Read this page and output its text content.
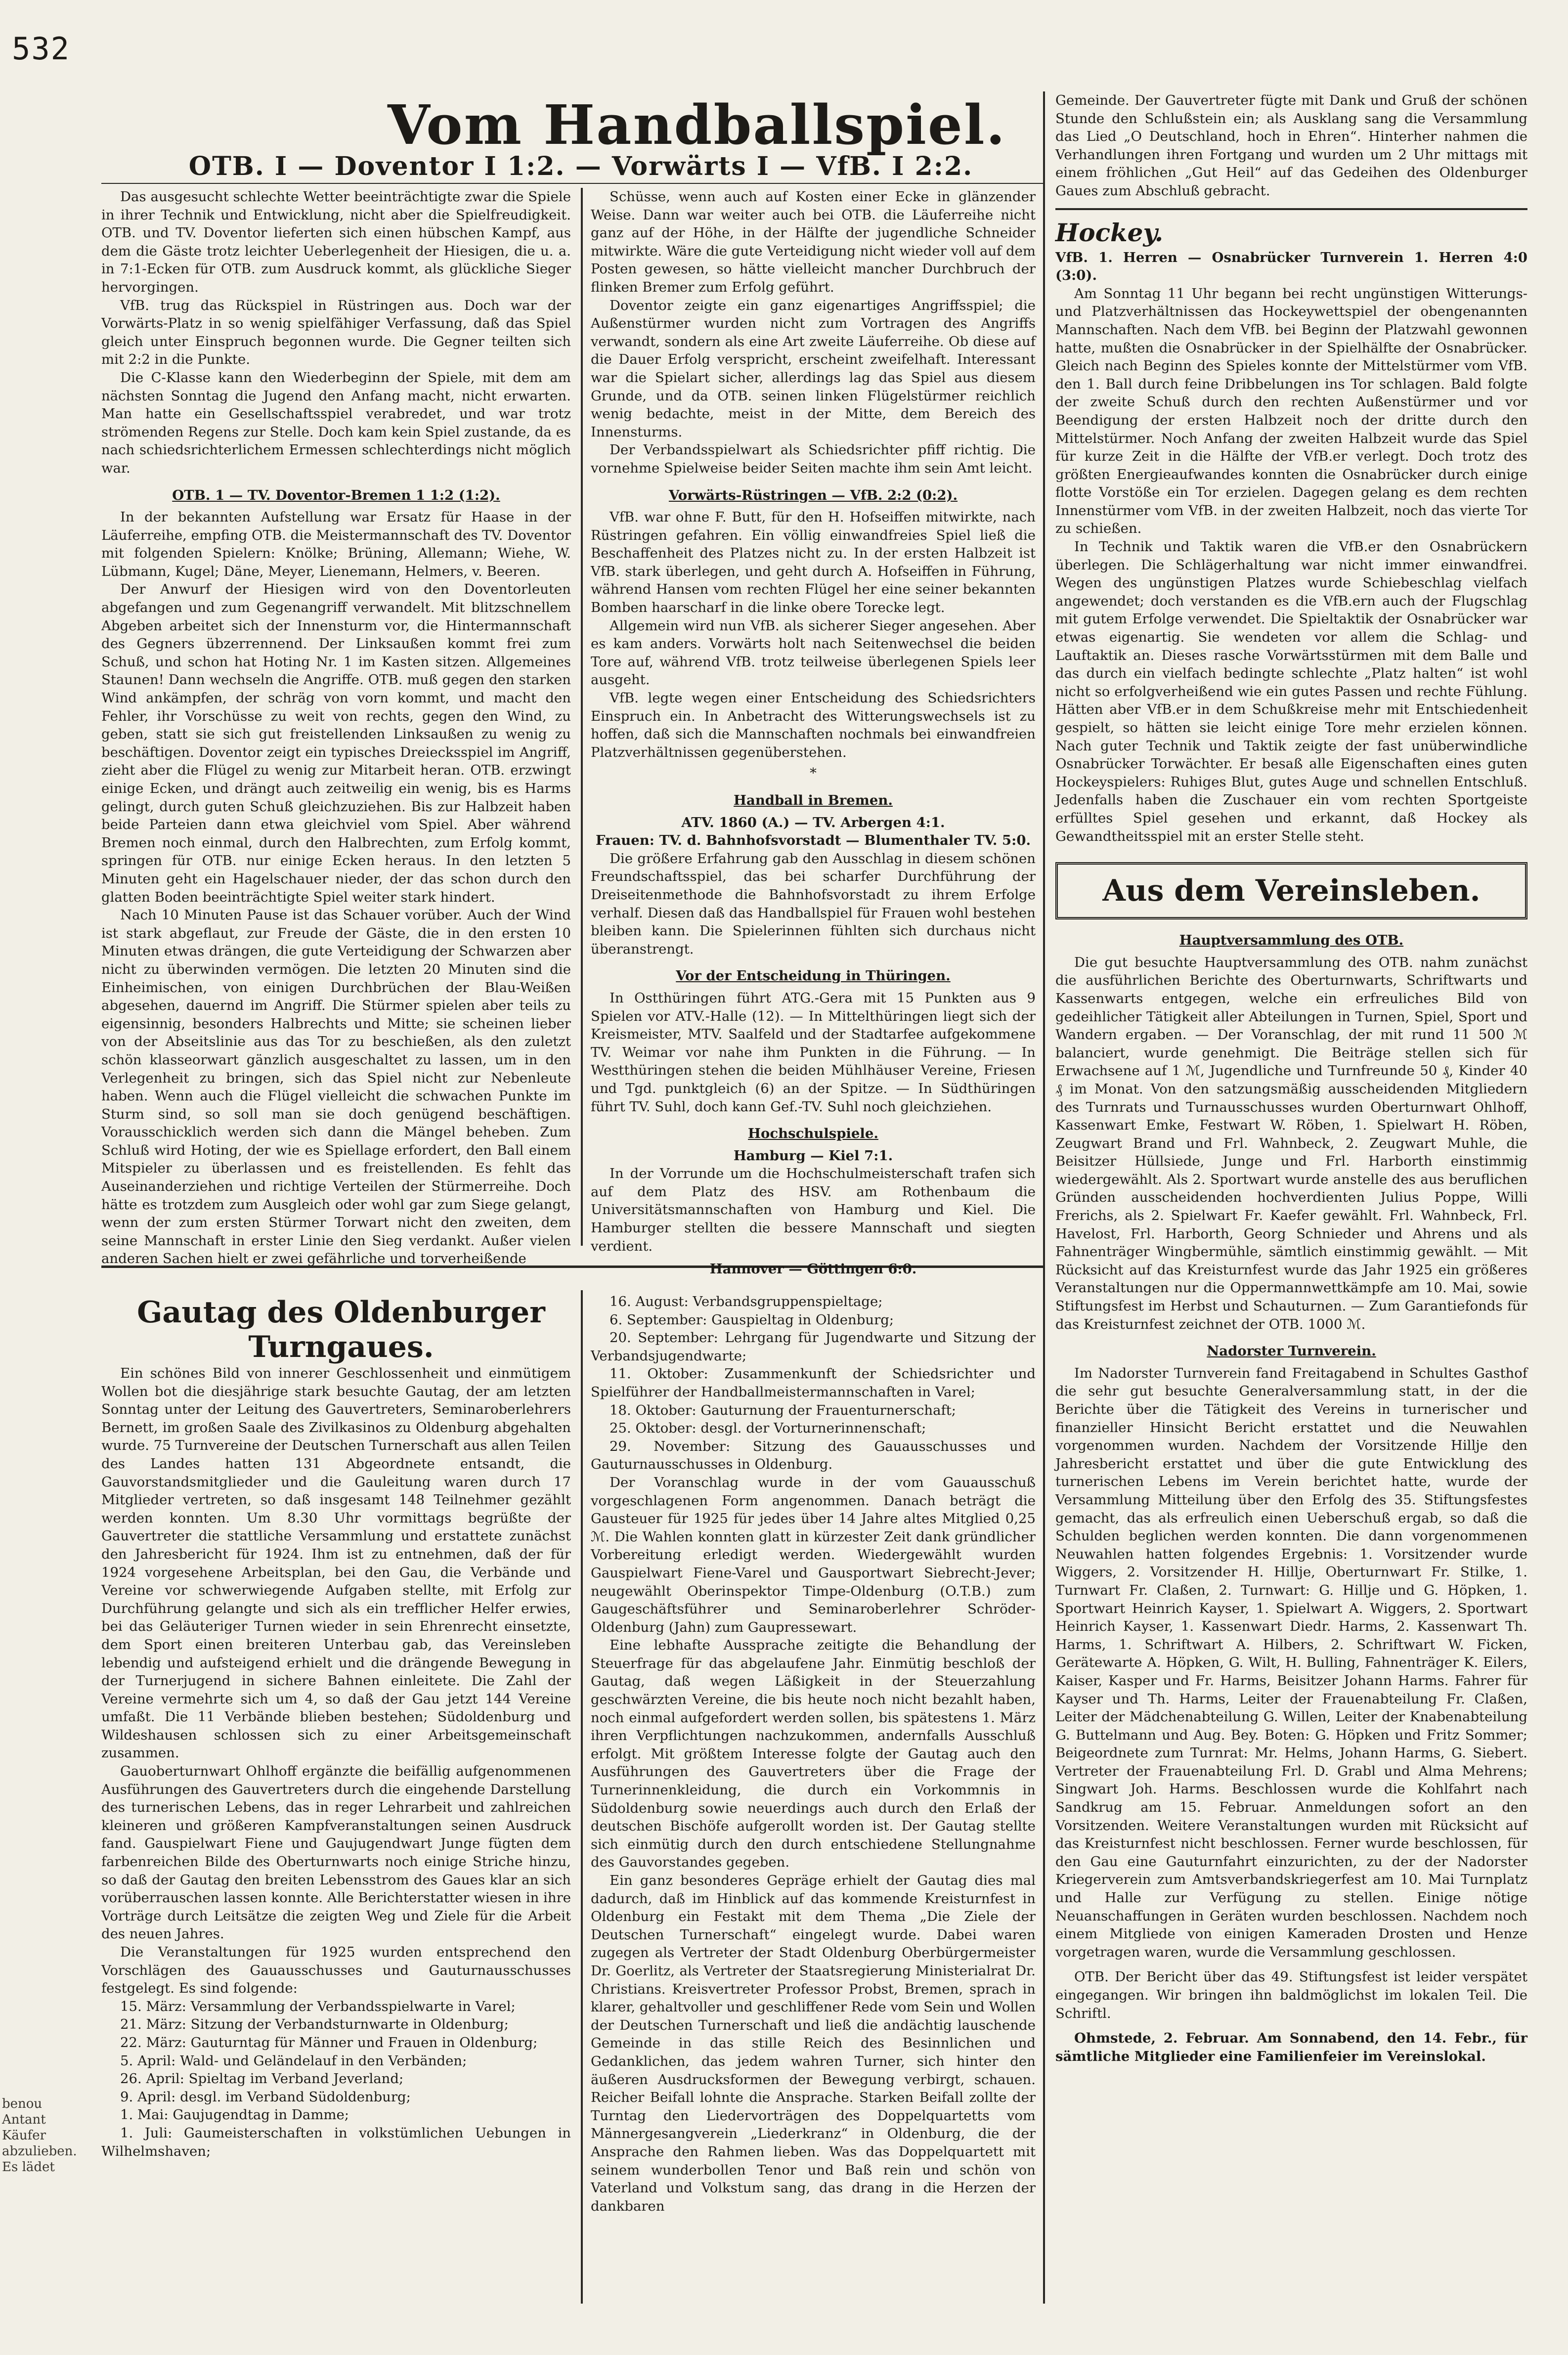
532
Vom Handballspiel.
OTB. I — Doventor I 1:2. — Vorwärts I — VfB. I 2:2.

Das ausgesucht schlechte Wetter beeinträchtigte zwar die Spiele in ihrer Technik und Entwicklung, nicht aber die Spielfreudigkeit. OTB. und TV. Doventor lieferten sich einen hübschen Kampf, aus dem die Gäste trotz leichter Ueberlegenheit der Hiesigen, die u. a. in 7:1-Ecken für OTB. zum Ausdruck kommt, als glückliche Sieger hervorgingen.

VfB. trug das Rückspiel in Rüstringen aus. Doch war der Vorwärts-Platz in so wenig spielfähiger Verfassung, daß das Spiel gleich unter Einspruch begonnen wurde. Die Gegner teilten sich mit 2:2 in die Punkte.

Die C-Klasse kann den Wiederbeginn der Spiele, mit dem am nächsten Sonntag die Jugend den Anfang macht, nicht erwarten. Man hatte ein Gesellschaftsspiel verabredet, und war trotz strömenden Regens zur Stelle. Doch kam kein Spiel zustande, da es nach schiedsrichterlichem Ermessen schlechterdings nicht möglich war.

OTB. 1 — TV. Doventor-Bremen 1 1:2 (1:2).

In der bekannten Aufstellung war Ersatz für Haase in der Läuferreihe, empfing OTB. die Meistermannschaft des TV. Doventor mit folgenden Spielern: Knölke; Brüning, Allemann; Wiehe, W. Lübmann, Kugel; Däne, Meyer, Lienemann, Helmers, v. Beeren.

Der Anwurf der Hiesigen wird von den Doventorleuten abgefangen und zum Gegenangriff verwandelt. Mit blitzschnellem Abgeben arbeitet sich der Innensturm vor, die Hintermannschaft des Gegners übzerrennend. Der Linksaußen kommt frei zum Schuß, und schon hat Hoting Nr. 1 im Kasten sitzen. Allgemeines Staunen! Dann wechseln die Angriffe. OTB. muß gegen den starken Wind ankämpfen, der schräg von vorn kommt, und macht den Fehler, ihr Vorschüsse zu weit von rechts, gegen den Wind, zu geben, statt sie sich gut freistellenden Linksaußen zu wenig zu beschäftigen. Doventor zeigt ein typisches Dreiecksspiel im Angriff, zieht aber die Flügel zu wenig zur Mitarbeit heran. OTB. erzwingt einige Ecken, und drängt auch zeitweilig ein wenig, bis es Harms gelingt, durch guten Schuß gleichzuziehen. Bis zur Halbzeit haben beide Parteien dann etwa gleichviel vom Spiel. Aber während Bremen noch einmal, durch den Halbrechten, zum Erfolg kommt, springen für OTB. nur einige Ecken heraus. In den letzten 5 Minuten geht ein Hagelschauer nieder, der das schon durch den glatten Boden beeinträchtigte Spiel weiter stark hindert.

Nach 10 Minuten Pause ist das Schauer vorüber. Auch der Wind ist stark abgeflaut, zur Freude der Gäste, die in den ersten 10 Minuten etwas drängen, die gute Verteidigung der Schwarzen aber nicht zu überwinden vermögen. Die letzten 20 Minuten sind die Einheimischen, von einigen Durchbrüchen der Blau-Weißen abgesehen, dauernd im Angriff. Die Stürmer spielen aber teils zu eigensinnig, besonders Halbrechts und Mitte; sie scheinen lieber von der Abseitslinie aus das Tor zu beschießen, als den zuletzt schön klasseorwart gänzlich ausgeschaltet zu lassen, um in den Verlegenheit zu bringen, sich das Spiel nicht zur Nebenleute haben. Wenn auch die Flügel vielleicht die schwachen Punkte im Sturm sind, so soll man sie doch genügend beschäftigen. Vorausschicklich werden sich dann die Mängel beheben. Zum Schluß wird Hoting, der wie es Spiellage erfordert, den Ball einem Mitspieler zu überlassen und es freistellenden. Es fehlt das Auseinanderziehen und richtige Verteilen der Stürmerreihe. Doch hätte es trotzdem zum Ausgleich oder wohl gar zum Siege gelangt, wenn der zum ersten Stürmer Torwart nicht den zweiten, dem seine Mannschaft in erster Linie den Sieg verdankt. Außer vielen anderen Sachen hielt er zwei gefährliche und torverheißende

Schüsse, wenn auch auf Kosten einer Ecke in glänzender Weise. Dann war weiter auch bei OTB. die Läuferreihe nicht ganz auf der Höhe, in der Hälfte der jugendliche Schneider mitwirkte. Wäre die gute Verteidigung nicht wieder voll auf dem Posten gewesen, so hätte vielleicht mancher Durchbruch der flinken Bremer zum Erfolg geführt.

Doventor zeigte ein ganz eigenartiges Angriffsspiel; die Außenstürmer wurden nicht zum Vortragen des Angriffs verwandt, sondern als eine Art zweite Läuferreihe. Ob diese auf die Dauer Erfolg verspricht, erscheint zweifelhaft. Interessant war die Spielart sicher, allerdings lag das Spiel aus diesem Grunde, und da OTB. seinen linken Flügelstürmer reichlich wenig bedachte, meist in der Mitte, dem Bereich des Innensturms.

Der Verbandsspielwart als Schiedsrichter pfiff richtig. Die vornehme Spielweise beider Seiten machte ihm sein Amt leicht.

Vorwärts-Rüstringen — VfB. 2:2 (0:2).

VfB. war ohne F. Butt, für den H. Hofseiffen mitwirkte, nach Rüstringen gefahren. Ein völlig einwandfreies Spiel ließ die Beschaffenheit des Platzes nicht zu. In der ersten Halbzeit ist VfB. stark überlegen, und geht durch A. Hofseiffen in Führung, während Hansen vom rechten Flügel her eine seiner bekannten Bomben haarscharf in die linke obere Torecke legt.

Allgemein wird nun VfB. als sicherer Sieger angesehen. Aber es kam anders. Vorwärts holt nach Seitenwechsel die beiden Tore auf, während VfB. trotz teilweise überlegenen Spiels leer ausgeht.

VfB. legte wegen einer Entscheidung des Schiedsrichters Einspruch ein. In Anbetracht des Witterungswechsels ist zu hoffen, daß sich die Mannschaften nochmals bei einwandfreien Platzverhältnissen gegenüberstehen.

*

Handball in Bremen.

ATV. 1860 (A.) — TV. Arbergen 4:1.

Frauen: TV. d. Bahnhofsvorstadt — Blumenthaler TV. 5:0.

Die größere Erfahrung gab den Ausschlag in diesem schönen Freundschaftsspiel, das bei scharfer Durchführung der Dreiseitenmethode die Bahnhofsvorstadt zu ihrem Erfolge verhalf. Diesen daß das Handballspiel für Frauen wohl bestehen bleiben kann. Die Spielerinnen fühlten sich durchaus nicht überanstrengt.

Vor der Entscheidung in Thüringen.

In Ostthüringen führt ATG.-Gera mit 15 Punkten aus 9 Spielen vor ATV.-Halle (12). — In Mittelthüringen liegt sich der Kreismeister, MTV. Saalfeld und der Stadtarfee aufgekommene TV. Weimar vor nahe ihm Punkten in die Führung. — In Westthüringen stehen die beiden Mühlhäuser Vereine, Friesen und Tgd. punktgleich (6) an der Spitze. — In Südthüringen führt TV. Suhl, doch kann Gef.-TV. Suhl noch gleichziehen.

Hochschulspiele.

Hamburg — Kiel 7:1.

In der Vorrunde um die Hochschulmeisterschaft trafen sich auf dem Platz des HSV. am Rothenbaum die Universitätsmannschaften von Hamburg und Kiel. Die Hamburger stellten die bessere Mannschaft und siegten verdient.

Hannover — Göttingen 6:0.

Gemeinde. Der Gauvertreter fügte mit Dank und Gruß der schönen Stunde den Schlußstein ein; als Ausklang sang die Versammlung das Lied „O Deutschland, hoch in Ehren“. Hinterher nahmen die Verhandlungen ihren Fortgang und wurden um 2 Uhr mittags mit einem fröhlichen „Gut Heil“ auf das Gedeihen des Oldenburger Gaues zum Abschluß gebracht.

Hockey.

VfB. 1. Herren — Osnabrücker Turnverein 1. Herren 4:0 (3:0).

Am Sonntag 11 Uhr begann bei recht ungünstigen Witterungs- und Platzverhältnissen das Hockeywettspiel der obengenannten Mannschaften. Nach dem VfB. bei Beginn der Platzwahl gewonnen hatte, mußten die Osnabrücker in der Spielhälfte der Osnabrücker. Gleich nach Beginn des Spieles konnte der Mittelstürmer vom VfB. den 1. Ball durch feine Dribbelungen ins Tor schlagen. Bald folgte der zweite Schuß durch den rechten Außenstürmer und vor Beendigung der ersten Halbzeit noch der dritte durch den Mittelstürmer. Noch Anfang der zweiten Halbzeit wurde das Spiel für kurze Zeit in die Hälfte der VfB.er verlegt. Doch trotz des größten Energieaufwandes konnten die Osnabrücker durch einige flotte Vorstöße ein Tor erzielen. Dagegen gelang es dem rechten Innenstürmer vom VfB. in der zweiten Halbzeit, noch das vierte Tor zu schießen.

In Technik und Taktik waren die VfB.er den Osnabrückern überlegen. Die Schlägerhaltung war nicht immer einwandfrei. Wegen des ungünstigen Platzes wurde Schiebeschlag vielfach angewendet; doch verstanden es die VfB.ern auch der Flugschlag mit gutem Erfolge verwendet. Die Spieltaktik der Osnabrücker war etwas eigenartig. Sie wendeten vor allem die Schlag- und Lauftaktik an. Dieses rasche Vorwärtsstürmen mit dem Balle und das durch ein vielfach bedingte schlechte „Platz halten“ ist wohl nicht so erfolgverheißend wie ein gutes Passen und rechte Fühlung. Hätten aber VfB.er in dem Schußkreise mehr mit Entschiedenheit gespielt, so hätten sie leicht einige Tore mehr erzielen können. Nach guter Technik und Taktik zeigte der fast unüberwindliche Osnabrücker Torwächter. Er besaß alle Eigenschaften eines guten Hockeyspielers: Ruhiges Blut, gutes Auge und schnellen Entschluß. Jedenfalls haben die Zuschauer ein vom rechten Sportgeiste erfülltes Spiel gesehen und erkannt, daß Hockey als Gewandtheitsspiel mit an erster Stelle steht.

Aus dem Vereinsleben.

Hauptversammlung des OTB.

Die gut besuchte Hauptversammlung des OTB. nahm zunächst die ausführlichen Berichte des Oberturnwarts, Schriftwarts und Kassenwarts entgegen, welche ein erfreuliches Bild von gedeihlicher Tätigkeit aller Abteilungen in Turnen, Spiel, Sport und Wandern ergaben. — Der Voranschlag, der mit rund 11 500 ℳ balanciert, wurde genehmigt. Die Beiträge stellen sich für Erwachsene auf 1 ℳ, Jugendliche und Turnfreunde 50 ₰, Kinder 40 ₰ im Monat. Von den satzungsmäßig ausscheidenden Mitgliedern des Turnrats und Turnausschusses wurden Oberturnwart Ohlhoff, Kassenwart Emke, Festwart W. Röben, 1. Spielwart H. Röben, Zeugwart Brand und Frl. Wahnbeck, 2. Zeugwart Muhle, die Beisitzer Hüllsiede, Junge und Frl. Harborth einstimmig wiedergewählt. Als 2. Sportwart wurde anstelle des aus beruflichen Gründen ausscheidenden hochverdienten Julius Poppe, Willi Frerichs, als 2. Spielwart Fr. Kaefer gewählt. Frl. Wahnbeck, Frl. Havelost, Frl. Harborth, Georg Schnieder und Ahrens und als Fahnenträger Wingbermühle, sämtlich einstimmig gewählt. — Mit Rücksicht auf das Kreisturnfest wurde das Jahr 1925 ein größeres Veranstaltungen nur die Oppermannwettkämpfe am 10. Mai, sowie Stiftungsfest im Herbst und Schauturnen. — Zum Garantiefonds für das Kreisturnfest zeichnet der OTB. 1000 ℳ.

Nadorster Turnverein.

Im Nadorster Turnverein fand Freitagabend in Schultes Gasthof die sehr gut besuchte Generalversammlung statt, in der die Berichte über die Tätigkeit des Vereins in turnerischer und finanzieller Hinsicht Bericht erstattet und die Neuwahlen vorgenommen wurden. Nachdem der Vorsitzende Hillje den Jahresbericht erstattet und über die gute Entwicklung des turnerischen Lebens im Verein berichtet hatte, wurde der Versammlung Mitteilung über den Erfolg des 35. Stiftungsfestes gemacht, das als erfreulich einen Ueberschuß ergab, so daß die Schulden beglichen werden konnten. Die dann vorgenommenen Neuwahlen hatten folgendes Ergebnis: 1. Vorsitzender wurde Wiggers, 2. Vorsitzender H. Hillje, Oberturnwart Fr. Stilke, 1. Turnwart Fr. Claßen, 2. Turnwart: G. Hillje und G. Höpken, 1. Sportwart Heinrich Kayser, 1. Spielwart A. Wiggers, 2. Sportwart Heinrich Kayser, 1. Kassenwart Diedr. Harms, 2. Kassenwart Th. Harms, 1. Schriftwart A. Hilbers, 2. Schriftwart W. Ficken, Gerätewarte A. Höpken, G. Wilt, H. Bulling, Fahnenträger K. Eilers, Kaiser, Kasper und Fr. Harms, Beisitzer Johann Harms. Fahrer für Kayser und Th. Harms, Leiter der Frauenabteilung Fr. Claßen, Leiter der Mädchenabteilung G. Willen, Leiter der Knabenabteilung G. Buttelmann und Aug. Bey. Boten: G. Höpken und Fritz Sommer; Beigeordnete zum Turnrat: Mr. Helms, Johann Harms, G. Siebert. Vertreter der Frauenabteilung Frl. D. Grabl und Alma Mehrens; Singwart Joh. Harms. Beschlossen wurde die Kohlfahrt nach Sandkrug am 15. Februar. Anmeldungen sofort an den Vorsitzenden. Weitere Veranstaltungen wurden mit Rücksicht auf das Kreisturnfest nicht beschlossen. Ferner wurde beschlossen, für den Gau eine Gauturnfahrt einzurichten, zu der der Nadorster Kriegerverein zum Amtsverbandskriegerfest am 10. Mai Turnplatz und Halle zur Verfügung zu stellen. Einige nötige Neuanschaffungen in Geräten wurden beschlossen. Nachdem noch einem Mitgliede von einigen Kameraden Drosten und Henze vorgetragen waren, wurde die Versammlung geschlossen.

OTB. Der Bericht über das 49. Stiftungsfest ist leider verspätet eingegangen. Wir bringen ihn baldmöglichst im lokalen Teil. Die Schriftl.

Ohmstede, 2. Februar. Am Sonnabend, den 14. Febr., für sämtliche Mitglieder eine Familienfeier im Vereinslokal.

Gautag des Oldenburger Turngaues.

Ein schönes Bild von innerer Geschlossenheit und einmütigem Wollen bot die diesjährige stark besuchte Gautag, der am letzten Sonntag unter der Leitung des Gauvertreters, Seminaroberlehrers Bernett, im großen Saale des Zivilkasinos zu Oldenburg abgehalten wurde. 75 Turnvereine der Deutschen Turnerschaft aus allen Teilen des Landes hatten 131 Abgeordnete entsandt, die Gauvorstandsmitglieder und die Gauleitung waren durch 17 Mitglieder vertreten, so daß insgesamt 148 Teilnehmer gezählt werden konnten. Um 8.30 Uhr vormittags begrüßte der Gauvertreter die stattliche Versammlung und erstattete zunächst den Jahresbericht für 1924. Ihm ist zu entnehmen, daß der für 1924 vorgesehene Arbeitsplan, bei den Gau, die Verbände und Vereine vor schwerwiegende Aufgaben stellte, mit Erfolg zur Durchführung gelangte und sich als ein trefflicher Helfer erwies, bei das Geläuteriger Turnen wieder in sein Ehrenrecht einsetzte, dem Sport einen breiteren Unterbau gab, das Vereinsleben lebendig und aufsteigend erhielt und die drängende Bewegung in der Turnerjugend in sichere Bahnen einleitete. Die Zahl der Vereine vermehrte sich um 4, so daß der Gau jetzt 144 Vereine umfaßt. Die 11 Verbände blieben bestehen; Südoldenburg und Wildeshausen schlossen sich zu einer Arbeitsgemeinschaft zusammen.

Gauoberturnwart Ohlhoff ergänzte die beifällig aufgenommenen Ausführungen des Gauvertreters durch die eingehende Darstellung des turnerischen Lebens, das in reger Lehrarbeit und zahlreichen kleineren und größeren Kampfveranstaltungen seinen Ausdruck fand. Gauspielwart Fiene und Gaujugendwart Junge fügten dem farbenreichen Bilde des Oberturnwarts noch einige Striche hinzu, so daß der Gautag den breiten Lebensstrom des Gaues klar an sich vorüberrauschen lassen konnte. Alle Berichterstatter wiesen in ihre Vorträge durch Leitsätze die zeigten Weg und Ziele für die Arbeit des neuen Jahres.

Die Veranstaltungen für 1925 wurden entsprechend den Vorschlägen des Gauausschusses und Gauturnausschusses festgelegt. Es sind folgende:

15. März: Versammlung der Verbandsspielwarte in Varel;

21. März: Sitzung der Verbandsturnwarte in Oldenburg;

22. März: Gauturntag für Männer und Frauen in Oldenburg;

5. April: Wald- und Geländelauf in den Verbänden;

26. April: Spieltag im Verband Jeverland;

9. April: desgl. im Verband Südoldenburg;

1. Mai: Gaujugendtag in Damme;

1. Juli: Gaumeisterschaften in volkstümlichen Uebungen in Wilhelmshaven;

16. August: Verbandsgruppenspieltage;

6. September: Gauspieltag in Oldenburg;

20. September: Lehrgang für Jugendwarte und Sitzung der Verbandsjugendwarte;

11. Oktober: Zusammenkunft der Schiedsrichter und Spielführer der Handballmeistermannschaften in Varel;

18. Oktober: Gauturnung der Frauenturnerschaft;

25. Oktober: desgl. der Vorturnerinnenschaft;

29. November: Sitzung des Gauausschusses und Gauturnausschusses in Oldenburg.

Der Voranschlag wurde in der vom Gauausschuß vorgeschlagenen Form angenommen. Danach beträgt die Gausteuer für 1925 für jedes über 14 Jahre altes Mitglied 0,25 ℳ. Die Wahlen konnten glatt in kürzester Zeit dank gründlicher Vorbereitung erledigt werden. Wiedergewählt wurden Gauspielwart Fiene-Varel und Gausportwart Siebrecht-Jever; neugewählt Oberinspektor Timpe-Oldenburg (O.T.B.) zum Gaugeschäftsführer und Seminaroberlehrer Schröder-Oldenburg (Jahn) zum Gaupressewart.

Eine lebhafte Aussprache zeitigte die Behandlung der Steuerfrage für das abgelaufene Jahr. Einmütig beschloß der Gautag, daß wegen Läßigkeit in der Steuerzahlung geschwärzten Vereine, die bis heute noch nicht bezahlt haben, noch einmal aufgefordert werden sollen, bis spätestens 1. März ihren Verpflichtungen nachzukommen, andernfalls Ausschluß erfolgt. Mit größtem Interesse folgte der Gautag auch den Ausführungen des Gauvertreters über die Frage der Turnerinnenkleidung, die durch ein Vorkommnis in Südoldenburg sowie neuerdings auch durch den Erlaß der deutschen Bischöfe aufgerollt worden ist. Der Gautag stellte sich einmütig durch den durch entschiedene Stellungnahme des Gauvorstandes gegeben.

Ein ganz besonderes Gepräge erhielt der Gautag dies mal dadurch, daß im Hinblick auf das kommende Kreisturnfest in Oldenburg ein Festakt mit dem Thema „Die Ziele der Deutschen Turnerschaft“ eingelegt wurde. Dabei waren zugegen als Vertreter der Stadt Oldenburg Oberbürgermeister Dr. Goerlitz, als Vertreter der Staatsregierung Ministerialrat Dr. Christians. Kreisvertreter Professor Probst, Bremen, sprach in klarer, gehaltvoller und geschliffener Rede vom Sein und Wollen der Deutschen Turnerschaft und ließ die andächtig lauschende Gemeinde in das stille Reich des Besinnlichen und Gedanklichen, das jedem wahren Turner, sich hinter den äußeren Ausdrucksformen der Bewegung verbirgt, schauen. Reicher Beifall lohnte die Ansprache. Starken Beifall zollte der Turntag den Liedervorträgen des Doppelquartetts vom Männergesangverein „Liederkranz“ in Oldenburg, die der Ansprache den Rahmen lieben. Was das Doppelquartett mit seinem wunderbollen Tenor und Baß rein und schön von Vaterland und Volkstum sang, das drang in die Herzen der dankbaren

benou
Antant
Käufer
abzulieben.
Es lädet
